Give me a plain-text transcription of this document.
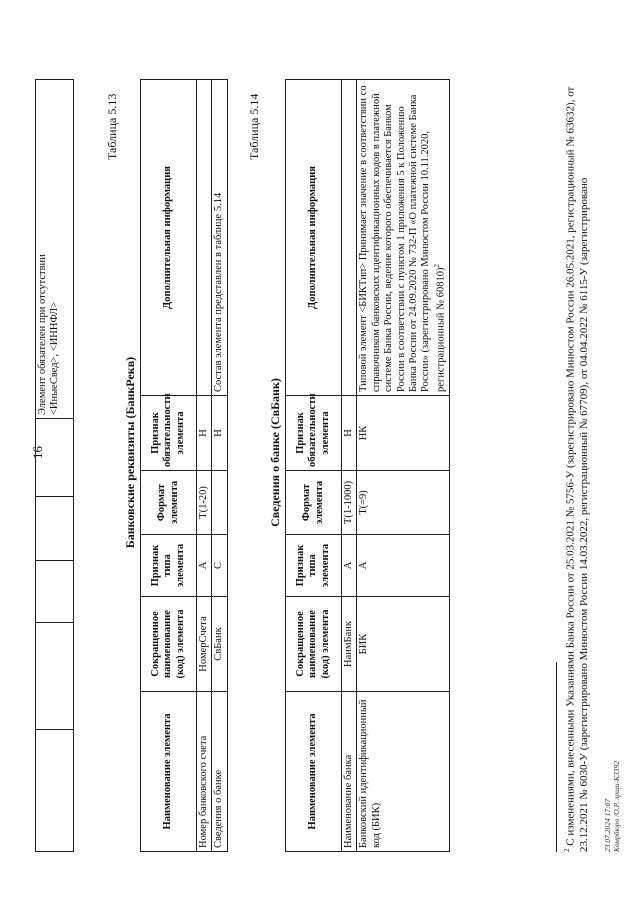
16

Элемент обязателен при отсутствии <ИныеСвед>, <ИННФЛ>
Таблица 5.13
Банковские реквизиты (БанкРекв)
Наименование элемента	Сокращенное наименование (код) элемента	Признак типа элемента	Формат элемента	Признак обязательности элемента	Дополнительная информация
Номер банковского счета	НомерСчета	А	T(1-20)	Н	
Сведения о банке	СвБанк	С		Н	Состав элемента представлен в таблице 5.14
Таблица 5.14
Сведения о банке (СвБанк)
Наименование элемента	Сокращенное наименование (код) элемента	Признак типа элемента	Формат элемента	Признак обязательности элемента	Дополнительная информация
Наименование банка	НаимБанк	А	T(1-1000)	Н	
Банковский идентификационный код (БИК)	БИК	А	T(=9)	НК	Типовой элемент <БИКТип> Принимает значение в соответствии со справочником банковских идентификационных кодов в платежной системе Банка России, ведение которого обеспечивается Банком России в соответствии с пунктом 1 приложения 5 к Положению Банка России от 24.09.2020 № 732-П «О платежной системе Банка России» (зарегистрировано Минюстом России 10.11.2020, регистрационный № 60810)$^2$
$^2$ С изменениями, внесенными Указаниями Банка России от 25.03.2021 № 5756-У (зарегистрировано Минюстом России 26.05.2021, регистрационный № 63632), от 23.12.2021 № 6030-У (зарегистрировано Минюстом России 14.03.2022, регистрационный № 67709), от 04.04.2022 № 6115-У (зарегистрировано 23.07.2024 17:07 Комрбюро /О.Р. лрщи-К3392
